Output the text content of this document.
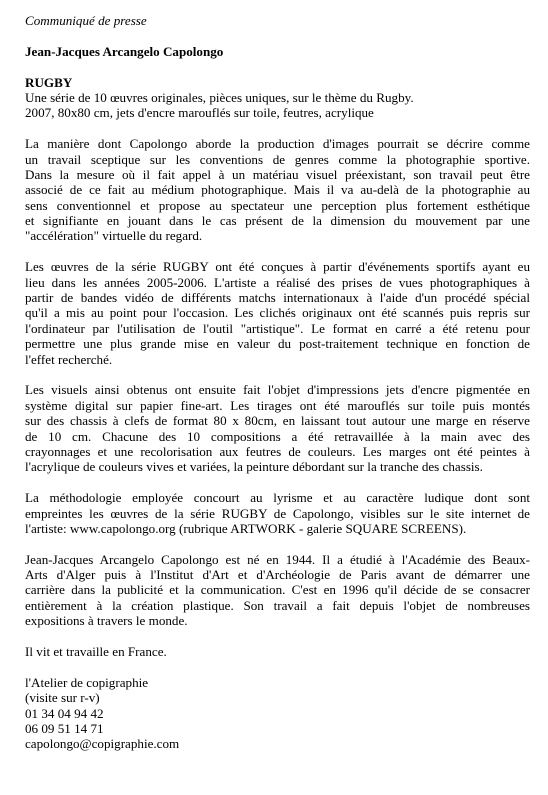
Communiqué de presse
Jean-Jacques Arcangelo Capolongo
RUGBY
Une série de 10 œuvres originales, pièces uniques, sur le thème du Rugby.
2007, 80x80 cm, jets d'encre marouflés sur toile, feutres, acrylique
La manière dont Capolongo aborde la production d'images pourrait se décrire comme
un travail sceptique sur les conventions de genres comme la photographie sportive.
Dans la mesure où il fait appel à un matériau visuel préexistant, son travail peut être
associé de ce fait au médium photographique. Mais il va au-delà de la photographie au
sens conventionnel et propose au spectateur une perception plus fortement esthétique
et signifiante en jouant dans le cas présent de la dimension du mouvement par une
"accélération" virtuelle du regard.
Les œuvres de la série RUGBY ont été conçues à partir d'événements sportifs ayant eu
lieu dans les années 2005-2006. L'artiste a réalisé des prises de vues photographiques à
partir de bandes vidéo de différents matchs internationaux à l'aide d'un procédé spécial
qu'il a mis au point pour l'occasion. Les clichés originaux ont été scannés puis repris sur
l'ordinateur par l'utilisation de l'outil "artistique". Le format en carré a été retenu pour
permettre une plus grande mise en valeur du post-traitement technique en fonction de
l'effet recherché.
Les visuels ainsi obtenus ont ensuite fait l'objet d'impressions jets d'encre pigmentée en
système digital sur papier fine-art. Les tirages ont été marouflés sur toile puis montés
sur des chassis à clefs de format 80 x 80cm, en laissant tout autour une marge en réserve
de 10 cm. Chacune des 10 compositions a été retravaillée à la main avec des
crayonnages et une recolorisation aux feutres de couleurs. Les marges ont été peintes à
l'acrylique de couleurs vives et variées, la peinture débordant sur la tranche des chassis.
La méthodologie employée concourt au lyrisme et au caractère ludique dont sont
empreintes les œuvres de la série RUGBY de Capolongo, visibles sur le site internet de
l'artiste: www.capolongo.org (rubrique ARTWORK - galerie SQUARE SCREENS).
Jean-Jacques Arcangelo Capolongo est né en 1944. Il a étudié à l'Académie des Beaux-
Arts d'Alger puis à l'Institut d'Art et d'Archéologie de Paris avant de démarrer une
carrière dans la publicité et la communication. C'est en 1996 qu'il décide de se consacrer
entièrement à la création plastique. Son travail a fait depuis l'objet de nombreuses
expositions à travers le monde.
Il vit et travaille en France.
l'Atelier de copigraphie
(visite sur r-v)
01 34 04 94 42
06 09 51 14 71
capolongo@copigraphie.com
